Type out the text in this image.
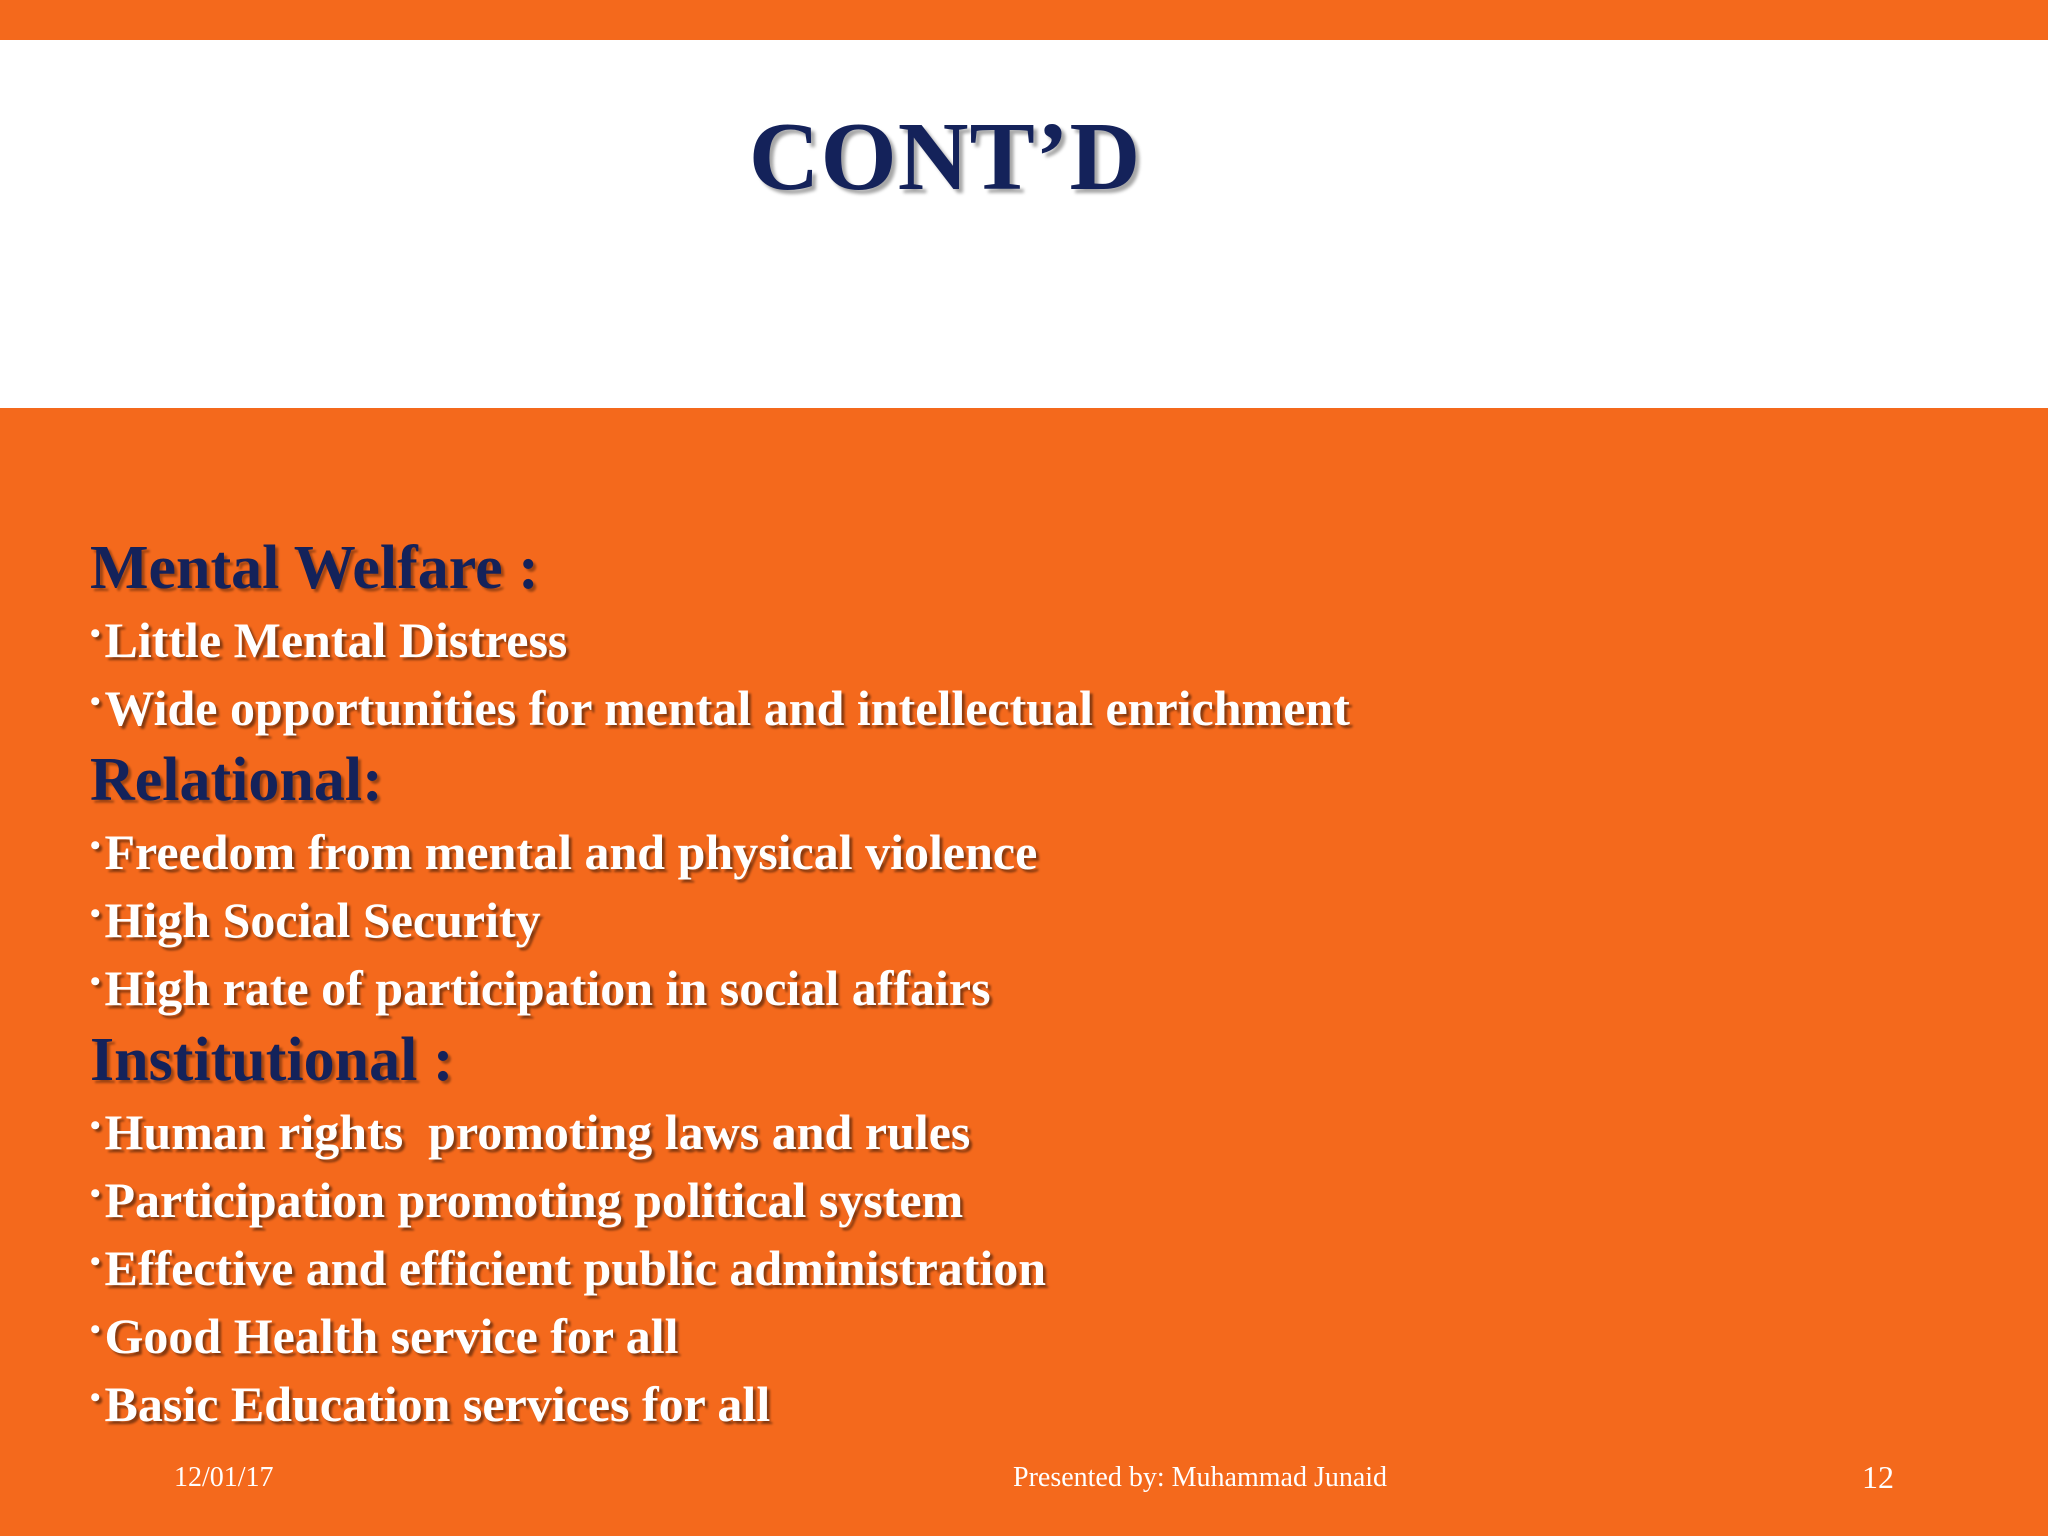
CONT’D
Mental Welfare :
• Little Mental Distress
• Wide opportunities for mental and intellectual enrichment
Relational:
• Freedom from mental and physical violence
• High Social Security
• High rate of participation in social affairs
Institutional :
• Human rights  promoting laws and rules
• Participation promoting political system
• Effective and efficient public administration
• Good Health service for all
• Basic Education services for all
12/01/17	Presented by: Muhammad Junaid	12
